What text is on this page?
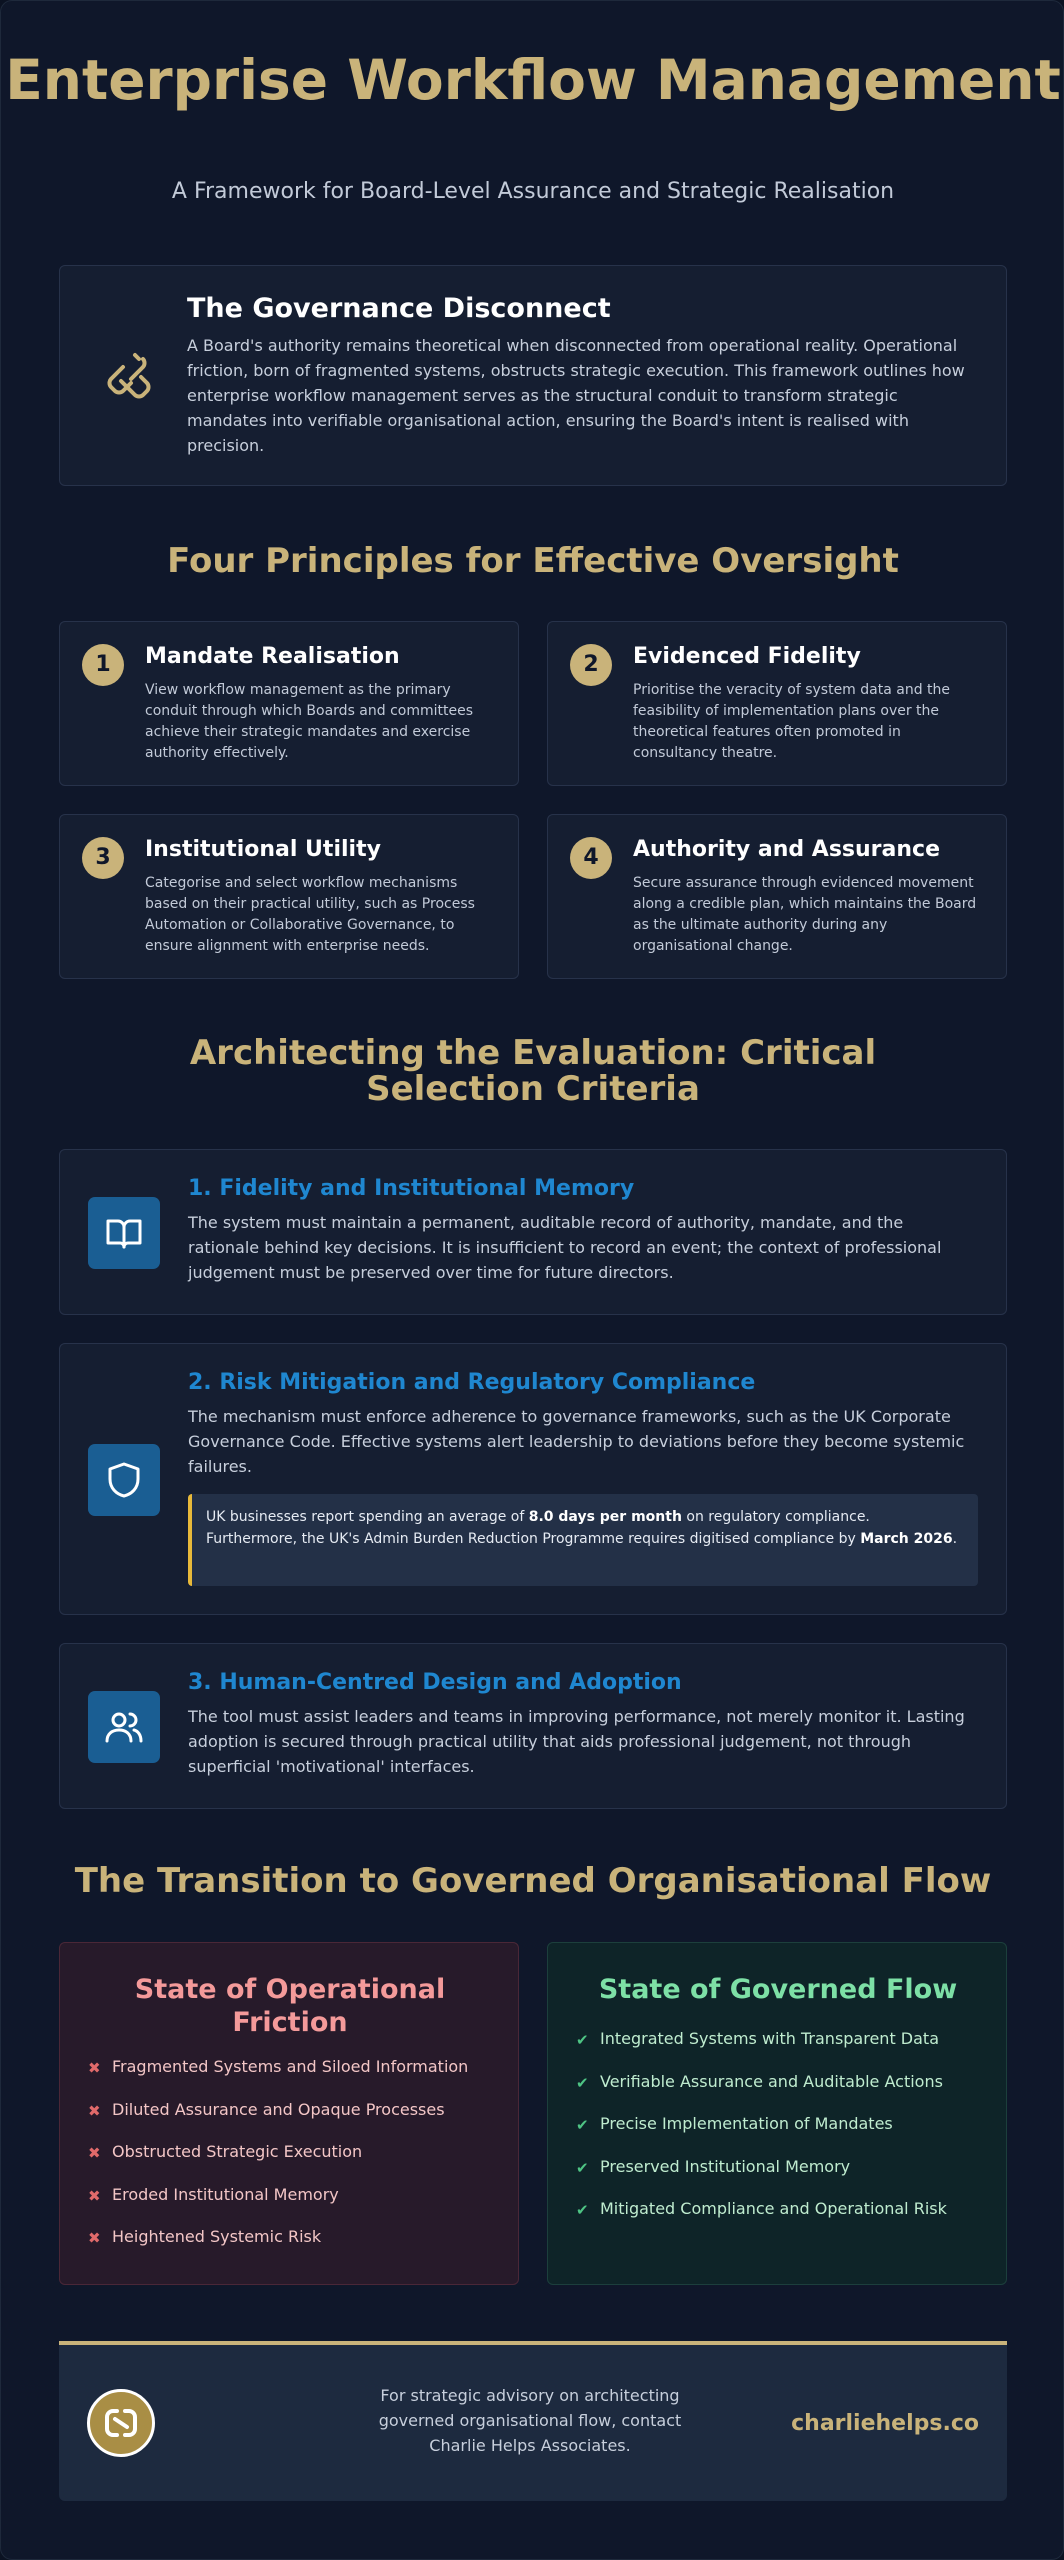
Enterprise Workflow Management
A Framework for Board-Level Assurance and Strategic Realisation
The Governance Disconnect

A Board's authority remains theoretical when disconnected from operational reality. Operational friction, born of fragmented systems, obstructs strategic execution. This framework outlines how enterprise workflow management serves as the structural conduit to transform strategic mandates into verifiable organisational action, ensuring the Board's intent is realised with precision.

Four Principles for Effective Oversight
1	Mandate Realisation
View workflow management as the primary conduit through which Boards and committees achieve their strategic mandates and exercise authority effectively.
2	Evidenced Fidelity
Prioritise the veracity of system data and the feasibility of implementation plans over the theoretical features often promoted in consultancy theatre.
3	Institutional Utility
Categorise and select workflow mechanisms based on their practical utility, such as Process Automation or Collaborative Governance, to ensure alignment with enterprise needs.
4	Authority and Assurance
Secure assurance through evidenced movement along a credible plan, which maintains the Board as the ultimate authority during any organisational change.
Architecting the Evaluation: Critical Selection Criteria
1. Fidelity and Institutional Memory
The system must maintain a permanent, auditable record of authority, mandate, and the rationale behind key decisions. It is insufficient to record an event; the context of professional judgement must be preserved over time for future directors.
2. Risk Mitigation and Regulatory Compliance
The mechanism must enforce adherence to governance frameworks, such as the UK Corporate Governance Code. Effective systems alert leadership to deviations before they become systemic failures.
UK businesses report spending an average of 8.0 days per month on regulatory compliance. Furthermore, the UK's Admin Burden Reduction Programme requires digitised compliance by March 2026.
3. Human-Centred Design and Adoption
The tool must assist leaders and teams in improving performance, not merely monitor it. Lasting adoption is secured through practical utility that aids professional judgement, not through superficial 'motivational' interfaces.
The Transition to Governed Organisational Flow
State of Operational Friction
✖ Fragmented Systems and Siloed Information
✖ Diluted Assurance and Opaque Processes
✖ Obstructed Strategic Execution
✖ Eroded Institutional Memory
✖ Heightened Systemic Risk
State of Governed Flow
✔ Integrated Systems with Transparent Data
✔ Verifiable Assurance and Auditable Actions
✔ Precise Implementation of Mandates
✔ Preserved Institutional Memory
✔ Mitigated Compliance and Operational Risk
For strategic advisory on architecting governed organisational flow, contact Charlie Helps Associates.
charliehelps.co
